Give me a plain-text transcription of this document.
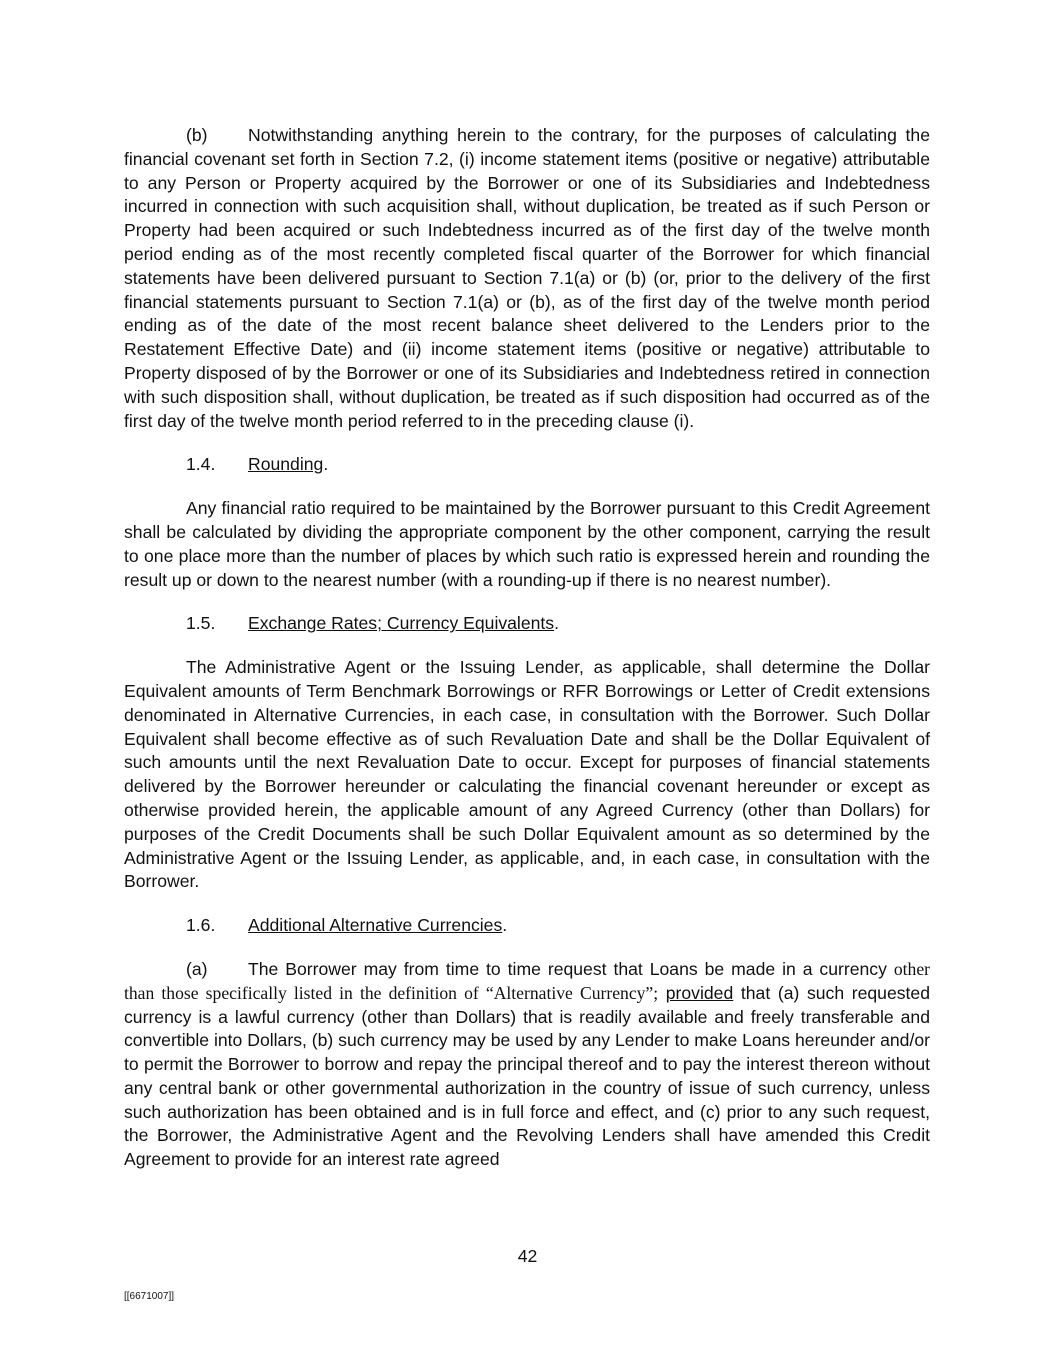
(b) Notwithstanding anything herein to the contrary, for the purposes of calculating the financial covenant set forth in Section 7.2, (i) income statement items (positive or negative) attributable to any Person or Property acquired by the Borrower or one of its Subsidiaries and Indebtedness incurred in connection with such acquisition shall, without duplication, be treated as if such Person or Property had been acquired or such Indebtedness incurred as of the first day of the twelve month period ending as of the most recently completed fiscal quarter of the Borrower for which financial statements have been delivered pursuant to Section 7.1(a) or (b) (or, prior to the delivery of the first financial statements pursuant to Section 7.1(a) or (b), as of the first day of the twelve month period ending as of the date of the most recent balance sheet delivered to the Lenders prior to the Restatement Effective Date) and (ii) income statement items (positive or negative) attributable to Property disposed of by the Borrower or one of its Subsidiaries and Indebtedness retired in connection with such disposition shall, without duplication, be treated as if such disposition had occurred as of the first day of the twelve month period referred to in the preceding clause (i).

1.4. Rounding.

Any financial ratio required to be maintained by the Borrower pursuant to this Credit Agreement shall be calculated by dividing the appropriate component by the other component, carrying the result to one place more than the number of places by which such ratio is expressed herein and rounding the result up or down to the nearest number (with a rounding-up if there is no nearest number).

1.5. Exchange Rates; Currency Equivalents.

The Administrative Agent or the Issuing Lender, as applicable, shall determine the Dollar Equivalent amounts of Term Benchmark Borrowings or RFR Borrowings or Letter of Credit extensions denominated in Alternative Currencies, in each case, in consultation with the Borrower. Such Dollar Equivalent shall become effective as of such Revaluation Date and shall be the Dollar Equivalent of such amounts until the next Revaluation Date to occur. Except for purposes of financial statements delivered by the Borrower hereunder or calculating the financial covenant hereunder or except as otherwise provided herein, the applicable amount of any Agreed Currency (other than Dollars) for purposes of the Credit Documents shall be such Dollar Equivalent amount as so determined by the Administrative Agent or the Issuing Lender, as applicable, and, in each case, in consultation with the Borrower.

1.6. Additional Alternative Currencies.

(a) The Borrower may from time to time request that Loans be made in a currency other than those specifically listed in the definition of “Alternative Currency”; provided that (a) such requested currency is a lawful currency (other than Dollars) that is readily available and freely transferable and convertible into Dollars, (b) such currency may be used by any Lender to make Loans hereunder and/or to permit the Borrower to borrow and repay the principal thereof and to pay the interest thereon without any central bank or other governmental authorization in the country of issue of such currency, unless such authorization has been obtained and is in full force and effect, and (c) prior to any such request, the Borrower, the Administrative Agent and the Revolving Lenders shall have amended this Credit Agreement to provide for an interest rate agreed

42
[[6671007]]
